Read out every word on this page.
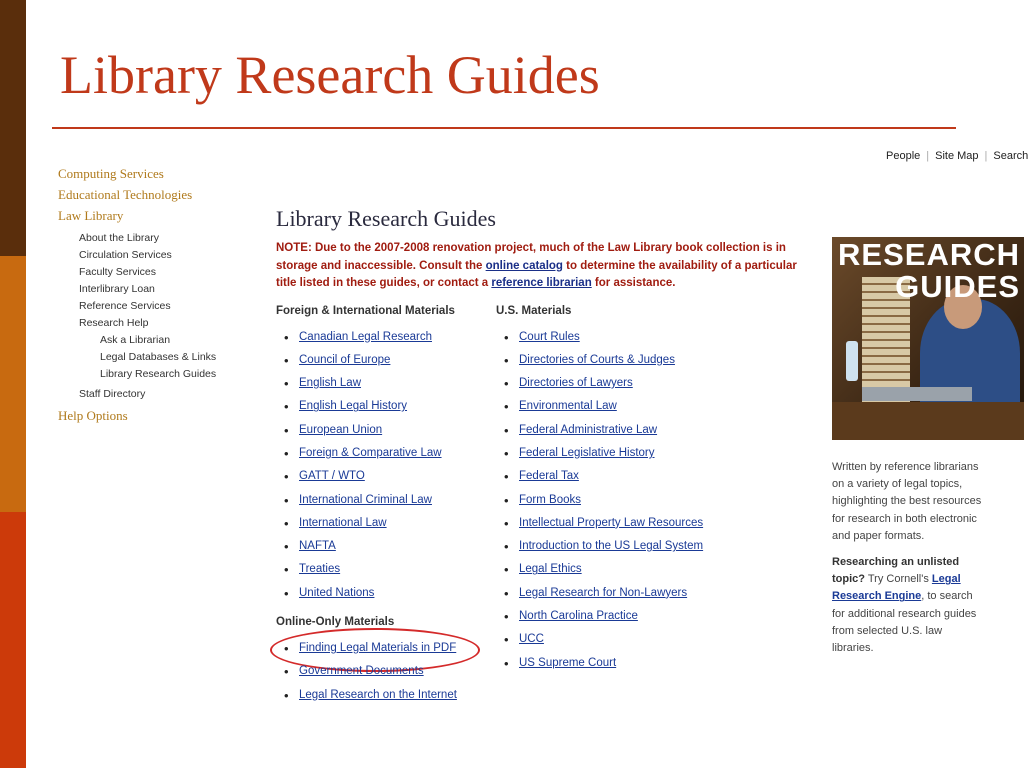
Library Research Guides
People | Site Map | Search
Computing Services
Educational Technologies
Law Library
About the Library
Circulation Services
Faculty Services
Interlibrary Loan
Reference Services
Research Help
Ask a Librarian
Legal Databases & Links
Library Research Guides
Staff Directory
Help Options
Library Research Guides

NOTE: Due to the 2007-2008 renovation project, much of the Law Library book collection is in storage and inaccessible. Consult the online catalog to determine the availability of a particular title listed in these guides, or contact a reference librarian for assistance.

Foreign & International Materials
• Canadian Legal Research
• Council of Europe
• English Law
• English Legal History
• European Union
• Foreign & Comparative Law
• GATT / WTO
• International Criminal Law
• International Law
• NAFTA
• Treaties
• United Nations
Online-Only Materials
• Finding Legal Materials in PDF
• Government Documents
• Legal Research on the Internet
U.S. Materials
• Court Rules
• Directories of Courts & Judges
• Directories of Lawyers
• Environmental Law
• Federal Administrative Law
• Federal Legislative History
• Federal Tax
• Form Books
• Intellectual Property Law Resources
• Introduction to the US Legal System
• Legal Ethics
• Legal Research for Non-Lawyers
• North Carolina Practice
• UCC
• US Supreme Court
RESEARCH
GUIDES

Written by reference librarians on a variety of legal topics, highlighting the best resources for research in both electronic and paper formats.

Researching an unlisted topic? Try Cornell's Legal Research Engine, to search for additional research guides from selected U.S. law libraries.
